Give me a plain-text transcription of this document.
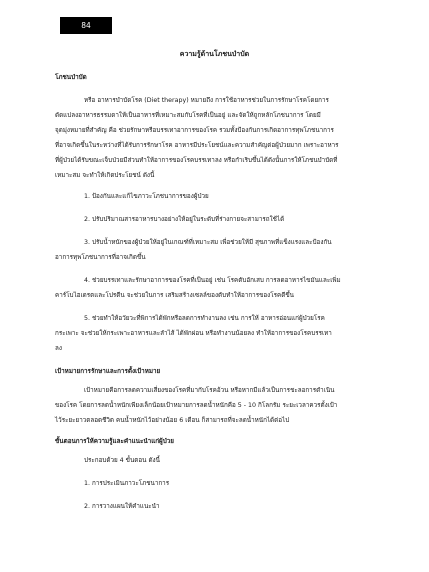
84
ความรู้ด้านโภชนบำบัด

โภชนบำบัด

หรือ อาหารบำบัดโรค (Diet therapy) หมายถึง การใช้อาหารช่วยในการรักษาโรคโดยการ

ดัดแปลงอาหารธรรมดาให้เป็นอาหารที่เหมาะสมกับโรคที่เป็นอยู่ และจัดให้ถูกหลักโภชนาการ โดยมี

จุดมุ่งหมายที่สำคัญ คือ ช่วยรักษาหรือบรรเทาอาการของโรค รวมทั้งป้องกันการเกิดอาการทุพโภชนาการ

ที่อาจเกิดขึ้นในระหว่างที่ได้รับการรักษาโรค อาหารมีประโยชน์และความสำคัญต่อผู้ป่วยมาก เพราะอาหาร

ที่ผู้ป่วยได้รับขณะเจ็บป่วยมีส่วนทำให้อาการของโรคบรรเทาลง หรือกำเริบขึ้นได้ดังนั้นการให้โภชนบำบัดที่

เหมาะสม จะทำให้เกิดประโยชน์ ดังนี้

1. ป้องกันและแก้ไขภาวะโภชนาการของผู้ป่วย

2. ปรับปริมาณสารอาหารบางอย่างให้อยู่ในระดับที่ร่างกายจะสามารถใช้ได้

3. ปรับน้ำหนักของผู้ป่วยให้อยู่ในเกณฑ์ที่เหมาะสม เพื่อช่วยให้มี สุขภาพที่แข็งแรงและป้องกัน

อาการทุพโภชนาการที่อาจเกิดขึ้น

4. ช่วยบรรเทาและรักษาอาการของโรคที่เป็นอยู่ เช่น โรคตับอักเสบ การลดอาหารไขมันและเพิ่ม

คาร์โบไฮเดรตและโปรตีน จะช่วยในการ เสริมสร้างเซลล์ของตับทำให้อาการของโรคดีขึ้น

5. ช่วยทำให้อวัยวะที่พิการได้พักหรือลดการทำงานลง เช่น การให้ อาหารอ่อนแก่ผู้ป่วยโรค

กระเพาะ จะช่วยให้กระเพาะอาหารและลำไส้ ได้พักผ่อน หรือทำงานน้อยลง ทำให้อาการของโรคบรรเทา

ลง

เป้าหมายการรักษาและการตั้งเป้าหมาย

เป้าหมายคือการลดความเสี่ยงของโรคที่มากับโรคอ้วน หรือหากมีแล้วเป็นการชะลอการดำเนิน

ของโรค โดยการลดน้ำหนักเพียงเล็กน้อยเป้าหมายการลดน้ำหนักคือ 5 - 10 กิโลกรัม ระยะเวลาควรตั้งเป้า

ไว้ระยะยาวตลอดชีวิต คนน้ำหนักไว้อย่างน้อย 6 เดือน ก็สามารถที่จะลดน้ำหนักได้ต่อไป

ขั้นตอนการให้ความรู้และคำแนะนำแก่ผู้ป่วย

ประกอบด้วย 4 ขั้นตอน ดังนี้

1. การประเมินภาวะโภชนาการ

2. การวางแผนให้คำแนะนำ
